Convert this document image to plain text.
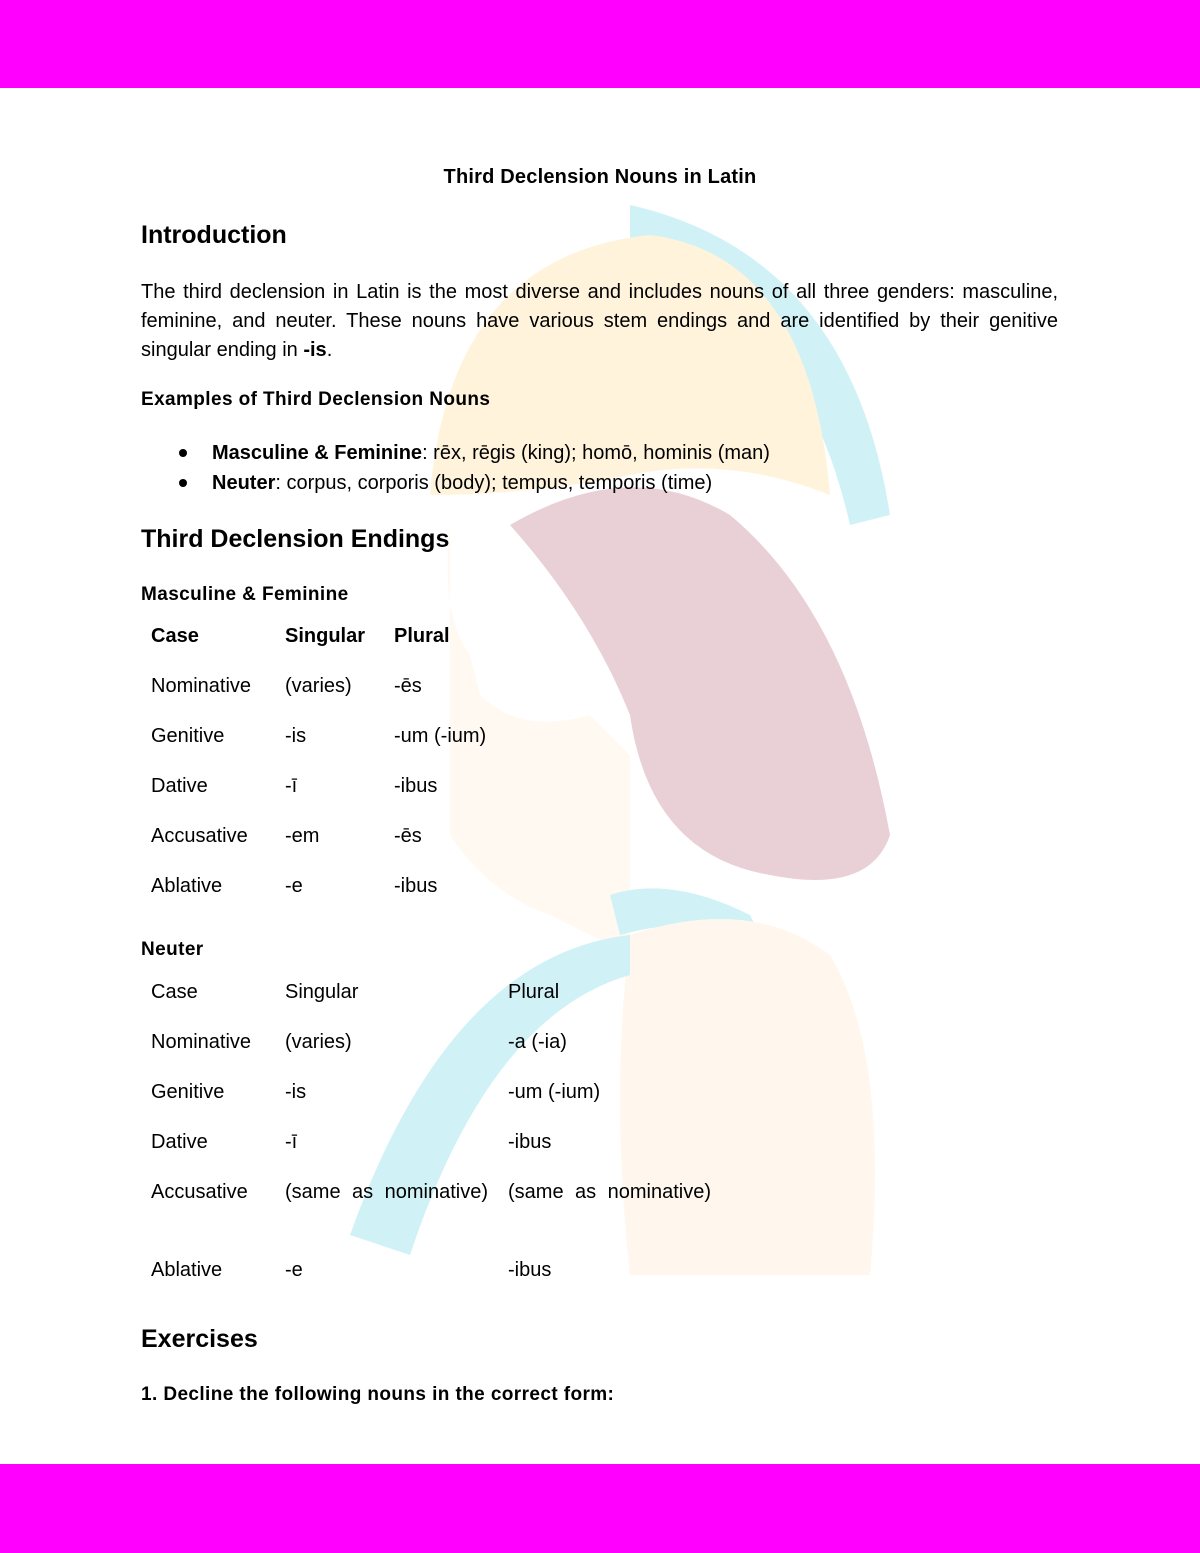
Third Declension Nouns in Latin
Introduction
The third declension in Latin is the most diverse and includes nouns of all three genders: masculine, feminine, and neuter. These nouns have various stem endings and are identified by their genitive singular ending in -is.
Examples of Third Declension Nouns
Masculine & Feminine: rēx, rēgis (king); homō, hominis (man)
Neuter: corpus, corporis (body); tempus, temporis (time)
Third Declension Endings
Masculine & Feminine
Case	Singular	Plural
Nominative	(varies)	-ēs
Genitive	-is	-um (-ium)
Dative	-ī	-ibus
Accusative	-em	-ēs
Ablative	-e	-ibus
Neuter
Case	Singular	Plural
Nominative	(varies)	-a (-ia)
Genitive	-is	-um (-ium)
Dative	-ī	-ibus
Accusative	(same as nominative)	(same as nominative)
Ablative	-e	-ibus
Exercises
1. Decline the following nouns in the correct form:
